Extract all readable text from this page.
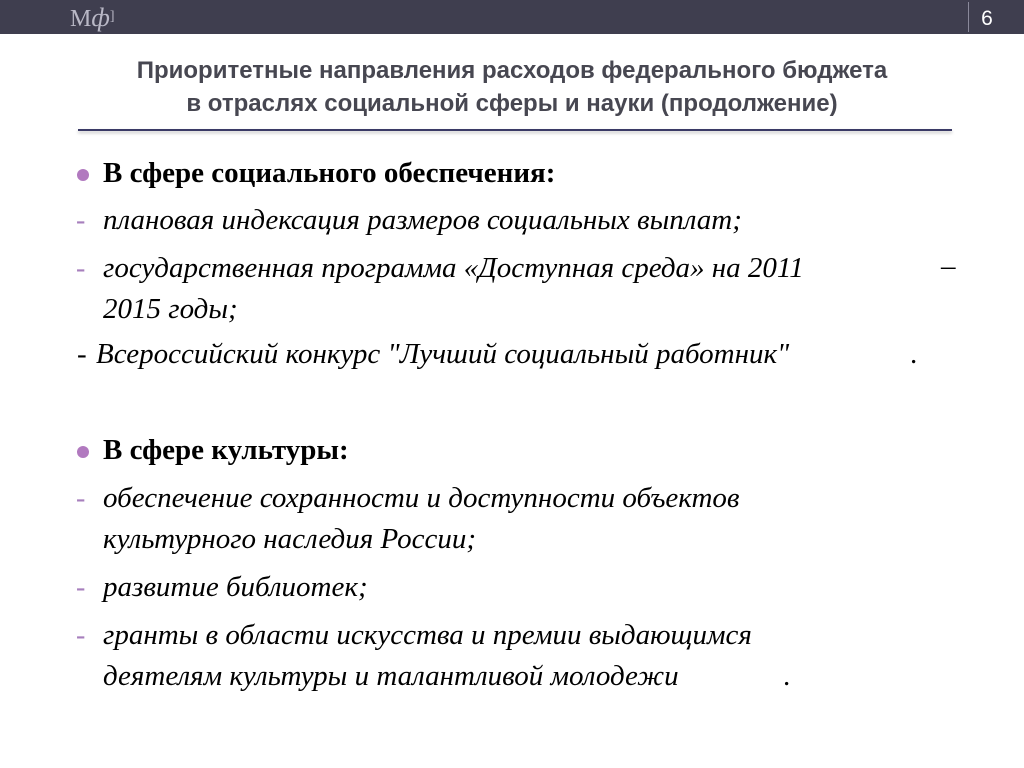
Мф]	6
Приоритетные направления расходов федерального бюджета
в отраслях социальной сферы и науки (продолжение)
В сфере социального обеспечения:
- плановая индексация размеров социальных выплат;
- государственная программа «Доступная среда» на 2011	–
2015 годы;
- Всероссийский конкурс "Лучший социальный работник"	.
В сфере культуры:
- обеспечение сохранности и доступности объектов
культурного наследия России;
- развитие библиотек;
- гранты в области искусства и премии выдающимся
деятелям культуры и талантливой молодежи	.
